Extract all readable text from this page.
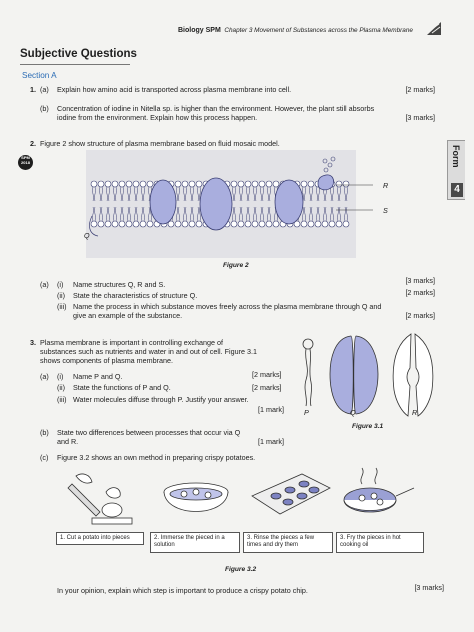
Biology SPM Chapter 3 Movement of Substances across the Plasma Membrane
Subjective Questions
Section A
Form
4
1. (a) Explain how amino acid is transported across plasma membrane into cell.	[2 marks]
(b) Concentration of iodine in Nitella sp. is higher than the environment. However, the plant still absorbs
iodine from the environment. Explain how this process happen.	[3 marks]
2. Figure 2 show structure of plasma membrane based on fluid mosaic model.
SPM
2018
R
S
Q
Figure 2
(a) (i) Name structures Q, R and S.	[3 marks]
(ii) State the characteristics of structure Q.	[2 marks]
(iii) Name the process in which substance moves freely across the plasma membrane through Q and
give an example of the substance.	[2 marks]
3. Plasma membrane is important in controlling exchange of
substances such as nutrients and water in and out of cell. Figure 3.1
shows components of plasma membrane.
(a) (i) Name P and Q.	[2 marks]
(ii) State the functions of P and Q.	[2 marks]
(iii) Water molecules diffuse through P. Justify your answer.
[1 mark]	P	Q	R
Figure 3.1
(b) State two differences between processes that occur via Q
and R.	[1 mark]
(c) Figure 3.2 shows an own method in preparing crispy potatoes.
1. Cut a potato into pieces	2. Immerse the pieced in a solution
3. Rinse the pieces a few times and dry them
3. Fry the pieces in hot cooking oil
Figure 3.2
In your opinion, explain which step is important to produce a crispy potato chip.	[3 marks]
